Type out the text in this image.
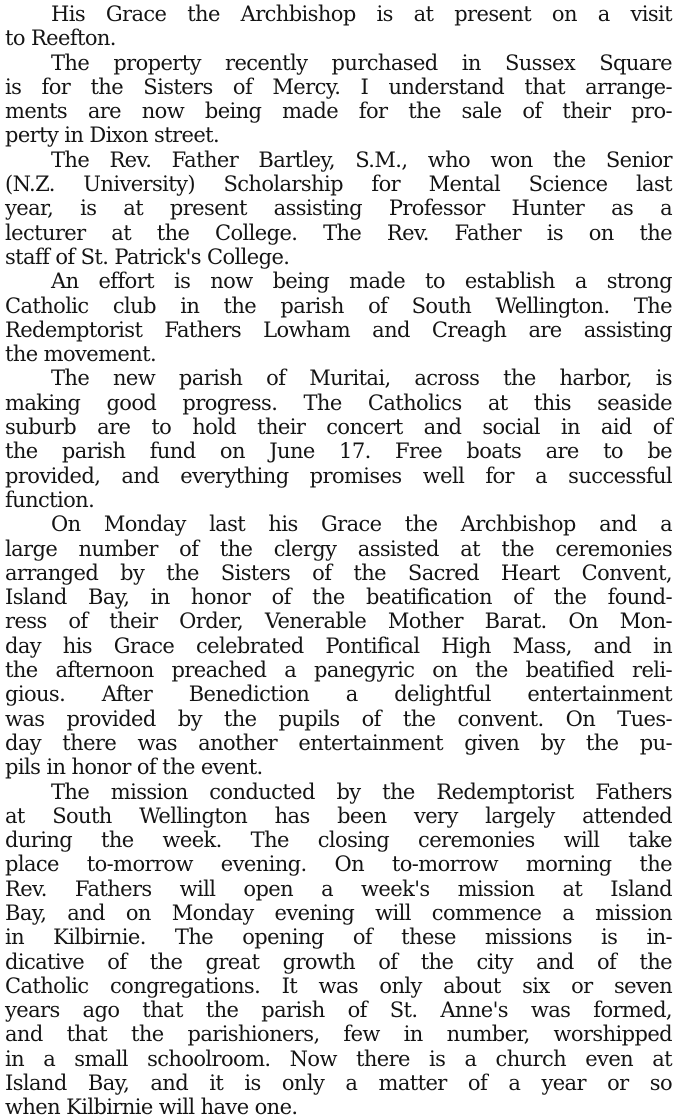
His Grace the Archbishop is at present on a visit
to Reefton.
The property recently purchased in Sussex Square
is for the Sisters of Mercy. I understand that arrange-
ments are now being made for the sale of their pro-
perty in Dixon street.
The Rev. Father Bartley, S.M., who won the Senior
(N.Z. University) Scholarship for Mental Science last
year, is at present assisting Professor Hunter as a
lecturer at the College. The Rev. Father is on the
staff of St. Patrick's College.
An effort is now being made to establish a strong
Catholic club in the parish of South Wellington. The
Redemptorist Fathers Lowham and Creagh are assisting
the movement.
The new parish of Muritai, across the harbor, is
making good progress. The Catholics at this seaside
suburb are to hold their concert and social in aid of
the parish fund on June 17. Free boats are to be
provided, and everything promises well for a successful
function.
On Monday last his Grace the Archbishop and a
large number of the clergy assisted at the ceremonies
arranged by the Sisters of the Sacred Heart Convent,
Island Bay, in honor of the beatification of the found-
ress of their Order, Venerable Mother Barat. On Mon-
day his Grace celebrated Pontifical High Mass, and in
the afternoon preached a panegyric on the beatified reli-
gious. After Benediction a delightful entertainment
was provided by the pupils of the convent. On Tues-
day there was another entertainment given by the pu-
pils in honor of the event.
The mission conducted by the Redemptorist Fathers
at South Wellington has been very largely attended
during the week. The closing ceremonies will take
place to-morrow evening. On to-morrow morning the
Rev. Fathers will open a week's mission at Island
Bay, and on Monday evening will commence a mission
in Kilbirnie. The opening of these missions is in-
dicative of the great growth of the city and of the
Catholic congregations. It was only about six or seven
years ago that the parish of St. Anne's was formed,
and that the parishioners, few in number, worshipped
in a small schoolroom. Now there is a church even at
Island Bay, and it is only a matter of a year or so
when Kilbirnie will have one.
